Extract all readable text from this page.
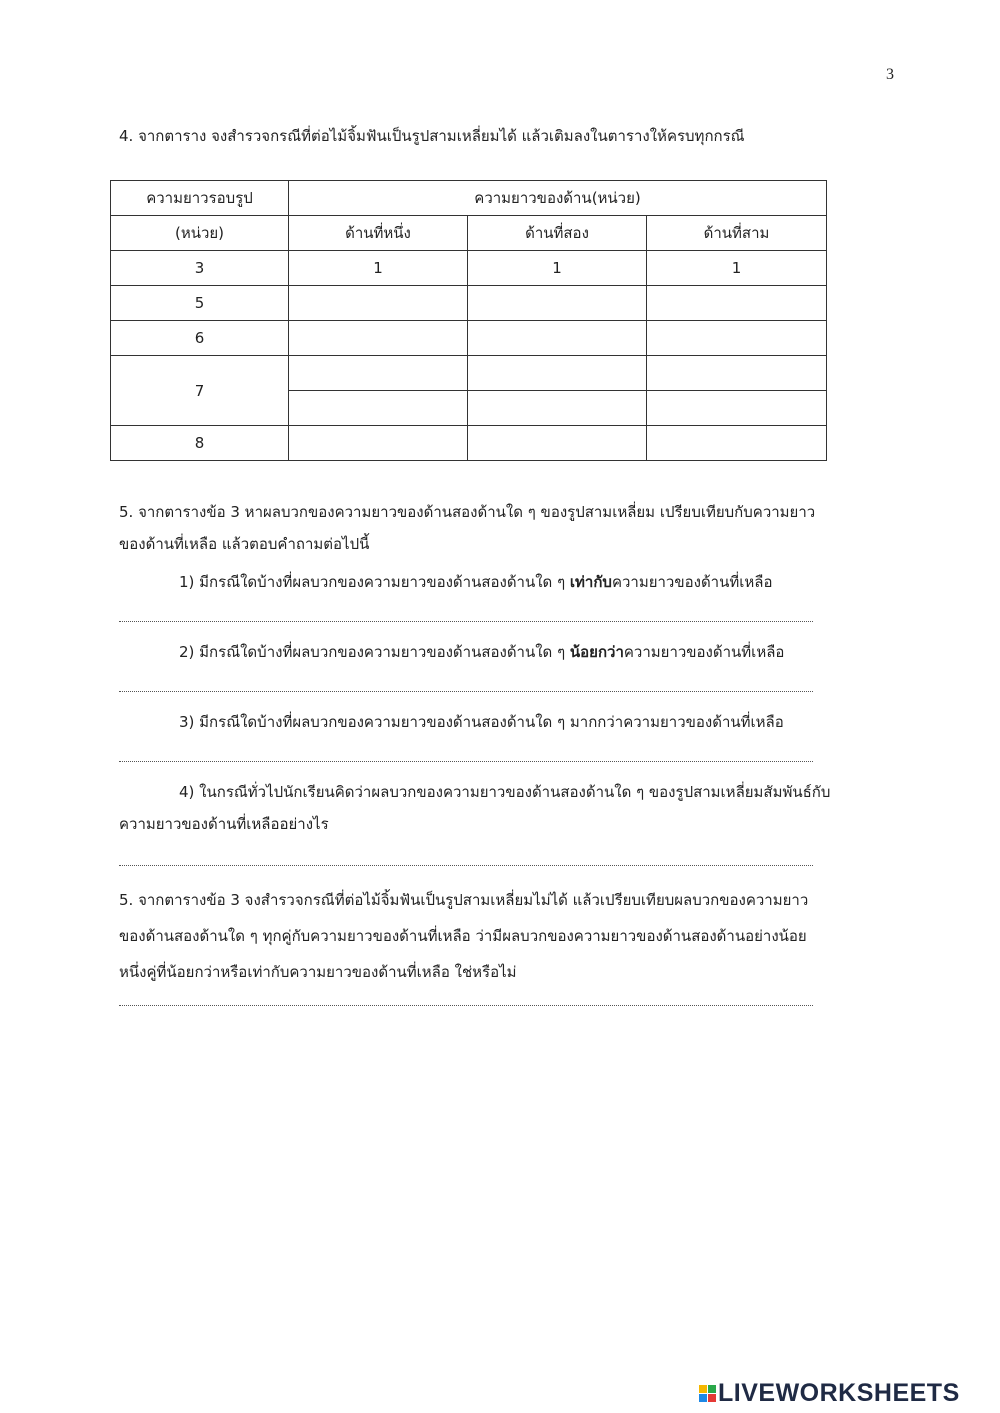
3
4. จากตาราง จงสำรวจกรณีที่ต่อไม้จิ้มฟันเป็นรูปสามเหลี่ยมได้ แล้วเติมลงในตารางให้ครบทุกกรณี
ความยาวรอบรูป	ความยาวของด้าน(หน่วย)		
(หน่วย)	ด้านที่หนึ่ง	ด้านที่สอง	ด้านที่สาม
3	1	1	1
5			
6			
7			

8			
5. จากตารางข้อ 3 หาผลบวกของความยาวของด้านสองด้านใด ๆ ของรูปสามเหลี่ยม เปรียบเทียบกับความยาว
ของด้านที่เหลือ แล้วตอบคำถามต่อไปนี้
1) มีกรณีใดบ้างที่ผลบวกของความยาวของด้านสองด้านใด ๆ เท่ากับความยาวของด้านที่เหลือ
2) มีกรณีใดบ้างที่ผลบวกของความยาวของด้านสองด้านใด ๆ น้อยกว่าความยาวของด้านที่เหลือ
3) มีกรณีใดบ้างที่ผลบวกของความยาวของด้านสองด้านใด ๆ มากกว่าความยาวของด้านที่เหลือ
4) ในกรณีทั่วไปนักเรียนคิดว่าผลบวกของความยาวของด้านสองด้านใด ๆ ของรูปสามเหลี่ยมสัมพันธ์กับ
ความยาวของด้านที่เหลืออย่างไร
5. จากตารางข้อ 3 จงสำรวจกรณีที่ต่อไม้จิ้มฟันเป็นรูปสามเหลี่ยมไม่ได้ แล้วเปรียบเทียบผลบวกของความยาว
ของด้านสองด้านใด ๆ ทุกคู่กับความยาวของด้านที่เหลือ ว่ามีผลบวกของความยาวของด้านสองด้านอย่างน้อย
หนึ่งคู่ที่น้อยกว่าหรือเท่ากับความยาวของด้านที่เหลือ ใช่หรือไม่
LIVEWORKSHEETS
